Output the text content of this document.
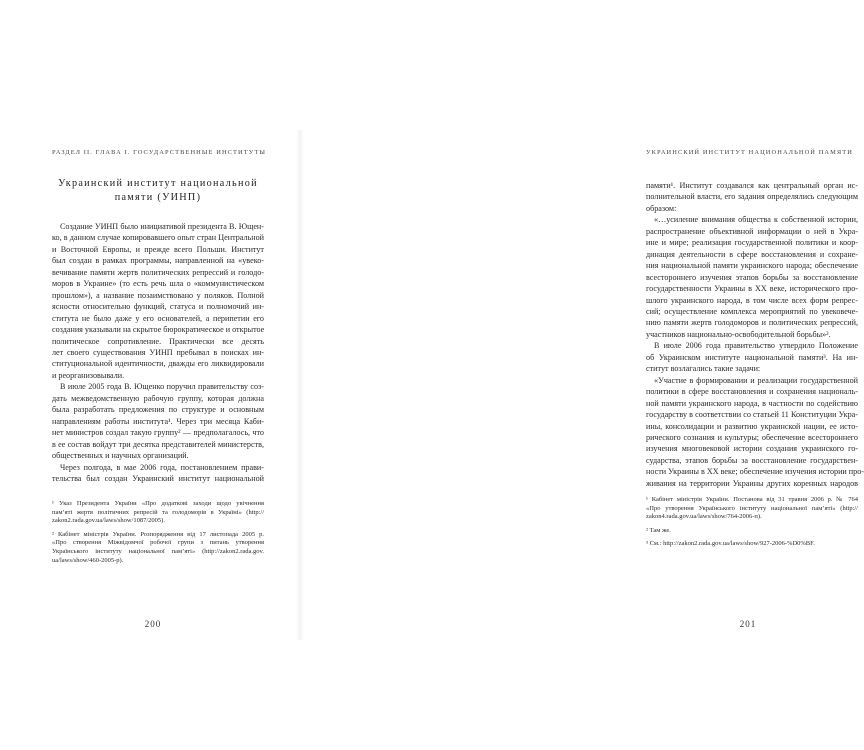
РАЗДЕЛ II. ГЛАВА I. ГОСУДАРСТВЕННЫЕ ИНСТИТУТЫ
Украинский институт национальной
памяти (УИНП)
Создание УИНП было инициативой президента В. Ющен-
ко, в данном случае копировавшего опыт стран Центральной
и Восточной Европы, и прежде всего Польши. Институт
был создан в рамках программы, направленной на «увеко-
вечивание памяти жертв политических репрессий и голодо-
моров в Украине» (то есть речь шла о «коммунистическом
прошлом»), а название позаимствовано у поляков. Полной
ясности относительно функций, статуса и полномочий ин-
ститута не было даже у его основателей, а перипетии его
создания указывали на скрытое бюрократическое и открытое
политическое сопротивление. Практически все десять
лет своего существования УИНП пребывал в поисках ин-
ституциональной идентичности, дважды его ликвидировали
и реорганизовывали.
В июле 2005 года В. Ющенко поручил правительству соз-
дать межведомственную рабочую группу, которая должна
была разработать предложения по структуре и основным
направлениям работы института¹. Через три месяца Каби-
нет министров создал такую группу² — предполагалось, что
в ее состав войдут три десятка представителей министерств,
общественных и научных организаций.
Через полгода, в мае 2006 года, постановлением прави-
тельства был создан Украинский институт национальной
¹ Указ Президента України «Про додаткові заходи щодо увічнення
пам’яті жертв політичних репресій та голодоморів в Україні» (http://
zakon2.rada.gov.ua/laws/show/1087/2005).
² Кабінет міністрів України. Розпорядження від 17 листопада 2005 р.
«Про створення Міжвідомчої робочої групи з питань утворення
Українського інституту національної пам’яті» (http://zakon2.rada.gov.
ua/laws/show/460-2005-р).
200
УКРАИНСКИЙ ИНСТИТУТ НАЦИОНАЛЬНОЙ ПАМЯТИ
памяти¹. Институт создавался как центральный орган ис-
полнительной власти, его задания определялись следующим
образом:
«…усиление внимания общества к собственной истории,
распространение объективной информации о ней в Укра-
ине и мире; реализация государственной политики и коор-
динация деятельности в сфере восстановления и сохране-
ния национальной памяти украинского народа; обеспечение
всестороннего изучения этапов борьбы за восстановление
государственности Украины в XX веке, исторического про-
шлого украинского народа, в том числе всех форм репрес-
сий; осуществление комплекса мероприятий по увековече-
нию памяти жертв голодоморов и политических репрессий,
участников национально-освободительной борьбы»².
В июле 2006 года правительство утвердило Положение
об Украинском институте национальной памяти³. На ин-
ститут возлагались такие задачи:
«Участие в формировании и реализации государственной
политики в сфере восстановления и сохранения националь-
ной памяти украинского народа, в частности по содействию
государству в соответствии со статьей 11 Конституции Укра-
ины, консолидации и развитию украинской нации, ее исто-
рического сознания и культуры; обеспечение всестороннего
изучения многовековой истории создания украинского го-
сударства, этапов борьбы за восстановление государствен-
ности Украины в XX веке; обеспечение изучения истории про-
живания на территории Украины других коренных народов
¹ Кабінет міністрів України. Постанова від 31 травня 2006 р. № 764
«Про утворення Українського інституту національної пам’яті» (http://
zakon4.rada.gov.ua/laws/show/764-2006-п).
² Там же.
³ См.: http://zakon2.rada.gov.ua/laws/show/927-2006-%D0%BF.
201
